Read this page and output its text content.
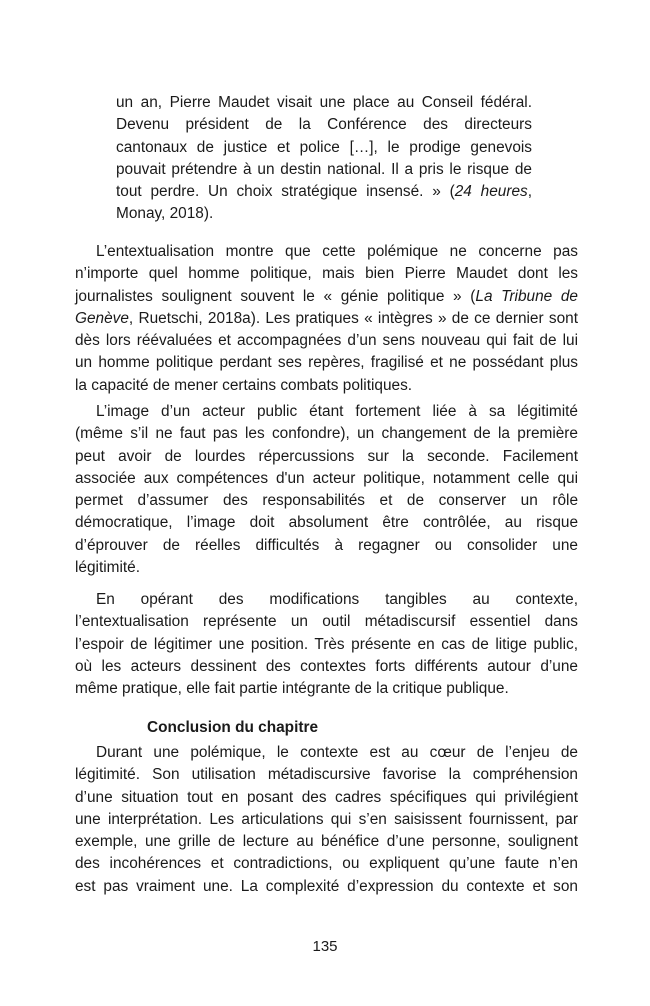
un an, Pierre Maudet visait une place au Conseil fédéral.

Devenu président de la Conférence des directeurs

cantonaux de justice et police […], le prodige genevois

pouvait prétendre à un destin national. Il a pris le risque de

tout perdre. Un choix stratégique insensé. » (24 heures,

Monay, 2018).

L’entextualisation montre que cette polémique ne concerne pas

n’importe quel homme politique, mais bien Pierre Maudet dont les

journalistes soulignent souvent le « génie politique » (La Tribune de

Genève, Ruetschi, 2018a). Les pratiques « intègres » de ce dernier sont

dès lors réévaluées et accompagnées d’un sens nouveau qui fait de lui

un homme politique perdant ses repères, fragilisé et ne possédant plus

la capacité de mener certains combats politiques.

L’image d’un acteur public étant fortement liée à sa légitimité

(même s’il ne faut pas les confondre), un changement de la première

peut avoir de lourdes répercussions sur la seconde. Facilement

associée aux compétences d'un acteur politique, notamment celle qui

permet d’assumer des responsabilités et de conserver un rôle

démocratique, l’image doit absolument être contrôlée, au risque

d’éprouver de réelles difficultés à regagner ou consolider une

légitimité.

En opérant des modifications tangibles au contexte,

l’entextualisation représente un outil métadiscursif essentiel dans

l’espoir de légitimer une position. Très présente en cas de litige public,

où les acteurs dessinent des contextes forts différents autour d’une

même pratique, elle fait partie intégrante de la critique publique.

Conclusion du chapitre

Durant une polémique, le contexte est au cœur de l’enjeu de

légitimité. Son utilisation métadiscursive favorise la compréhension

d’une situation tout en posant des cadres spécifiques qui privilégient

une interprétation. Les articulations qui s’en saisissent fournissent, par

exemple, une grille de lecture au bénéfice d’une personne, soulignent

des incohérences et contradictions, ou expliquent qu’une faute n’en

est pas vraiment une. La complexité d’expression du contexte et son

135
